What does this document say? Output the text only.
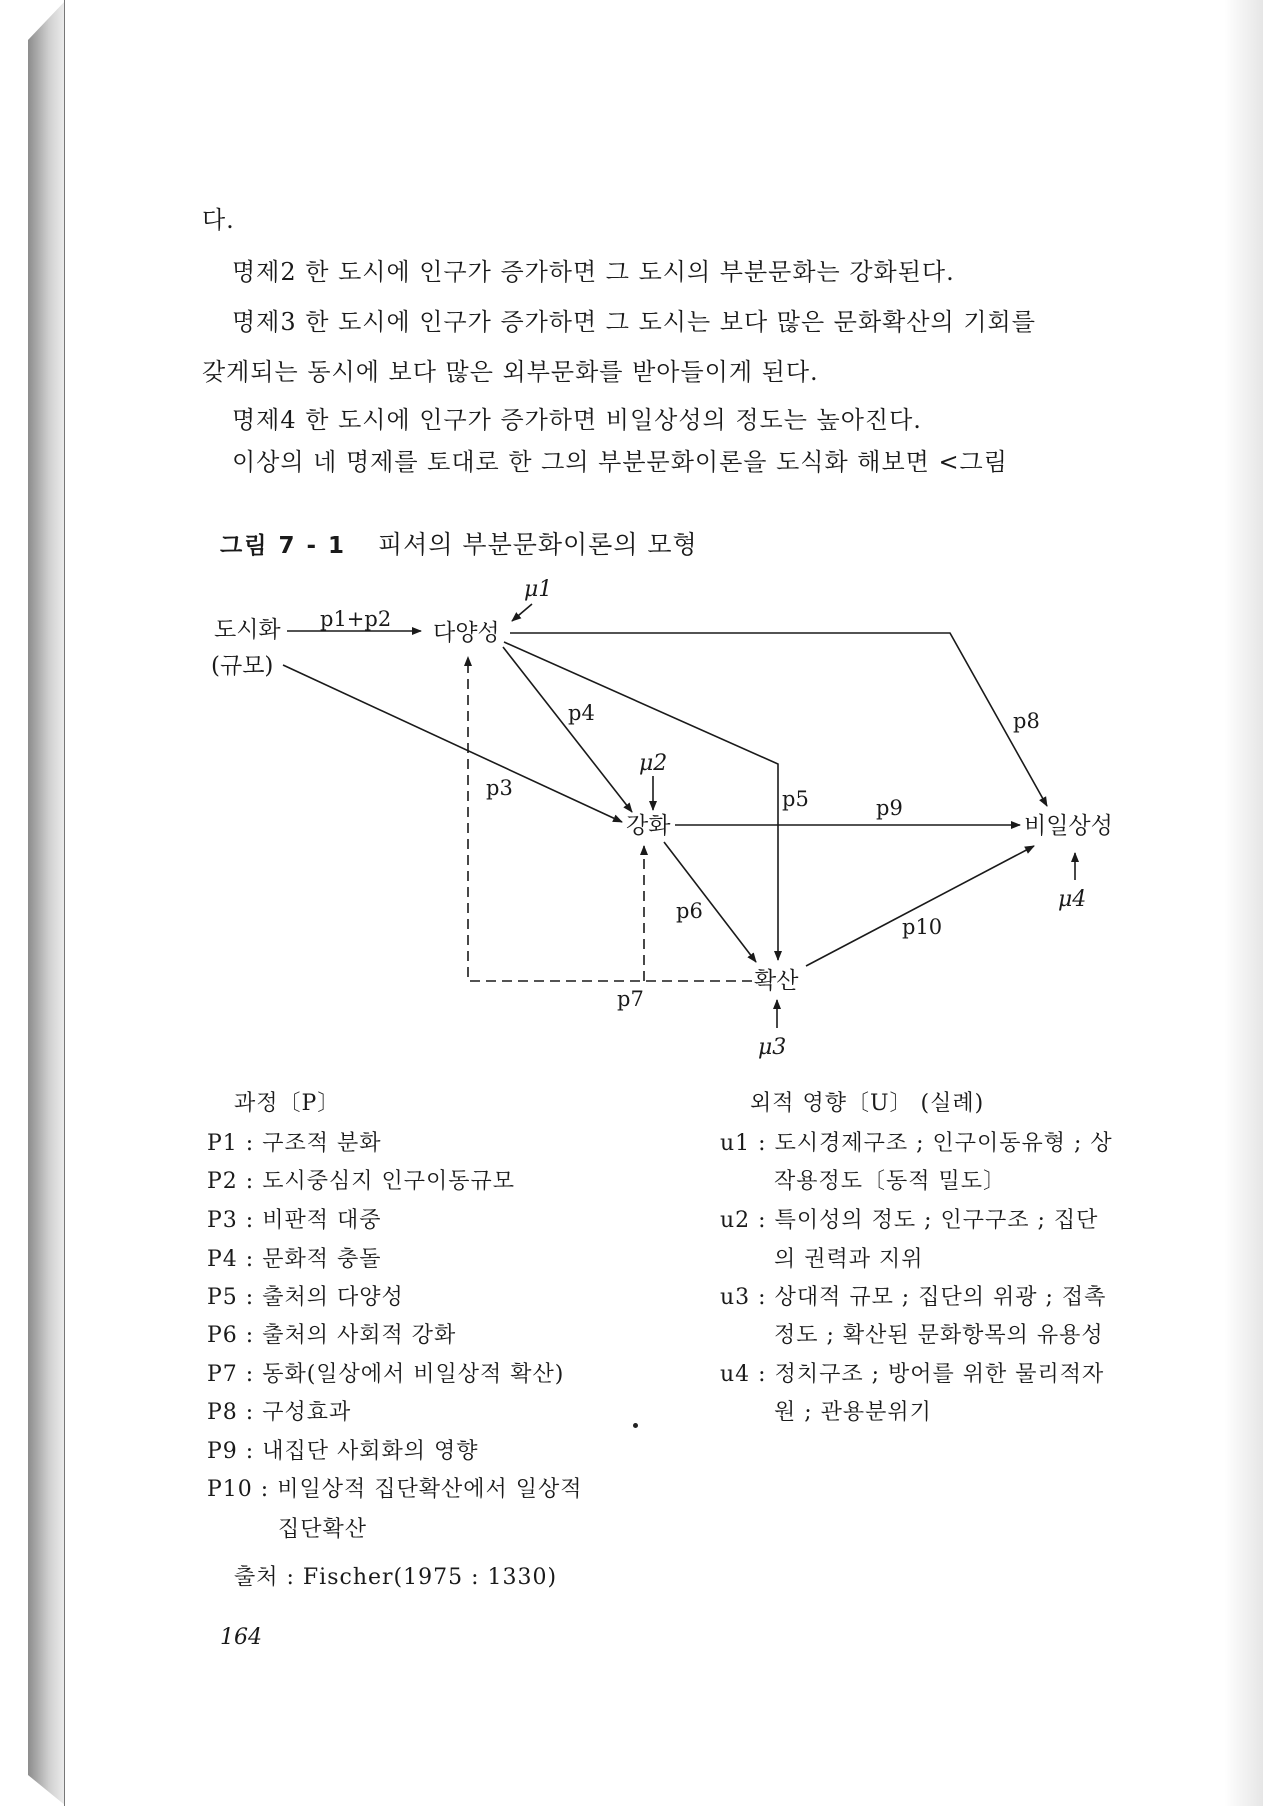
다.
명제2 한 도시에 인구가 증가하면 그 도시의 부분문화는 강화된다.
명제3 한 도시에 인구가 증가하면 그 도시는 보다 많은 문화확산의 기회를
갖게되는 동시에 보다 많은 외부문화를 받아들이게 된다.
명제4 한 도시에 인구가 증가하면 비일상성의 정도는 높아진다.
이상의 네 명제를 토대로 한 그의 부분문화이론을 도식화 해보면 <그림
그림 7 - 1 피셔의 부분문화이론의 모형
도시화
(규모)
다양성
강화
확산
비일상성
p1+p2
p3
p4
p5
p6
p7
p8
p9
p10
μ1
μ2
μ3
μ4
과정〔P〕
P1 : 구조적 분화
P2 : 도시중심지 인구이동규모
P3 : 비판적 대중
P4 : 문화적 충돌
P5 : 출처의 다양성
P6 : 출처의 사회적 강화
P7 : 동화(일상에서 비일상적 확산)
P8 : 구성효과
P9 : 내집단 사회화의 영향
P10 : 비일상적 집단확산에서 일상적
집단확산
출처 : Fischer(1975 : 1330)
외적 영향〔U〕 (실례)
u1 : 도시경제구조 ; 인구이동유형 ; 상
작용정도〔동적 밀도〕
u2 : 특이성의 정도 ; 인구구조 ; 집단
의 권력과 지위
u3 : 상대적 규모 ; 집단의 위광 ; 접촉
정도 ; 확산된 문화항목의 유용성
u4 : 정치구조 ; 방어를 위한 물리적자
원 ; 관용분위기
164
